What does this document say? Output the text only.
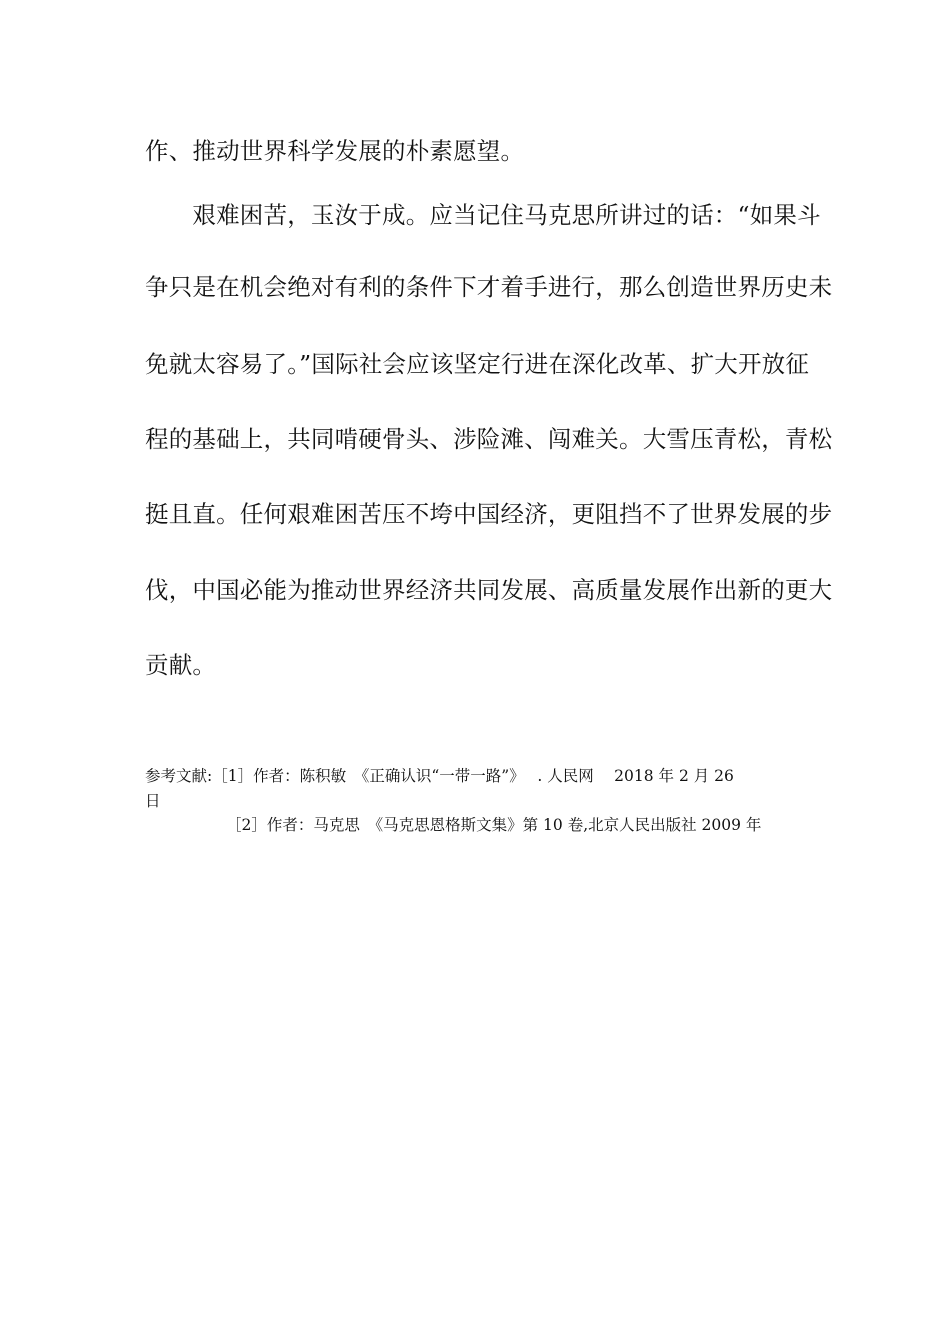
作、推动世界科学发展的朴素愿望。
　　艰难困苦，玉汝于成。应当记住马克思所讲过的话：“如果斗
争只是在机会绝对有利的条件下才着手进行，那么创造世界历史未
免就太容易了。”国际社会应该坚定行进在深化改革、扩大开放征
程的基础上，共同啃硬骨头、涉险滩、闯难关。大雪压青松，青松
挺且直。任何艰难困苦压不垮中国经济，更阻挡不了世界发展的步
伐，中国必能为推动世界经济共同发展、高质量发展作出新的更大
贡献。
参考文献:［1］作者：陈积敏　《正确认识“一带一路”》　 . 人民网　 2018 年 2 月 26
日
［2］作者：马克思　《马克思恩格斯文集》第 10 卷,北京人民出版社 2009 年
